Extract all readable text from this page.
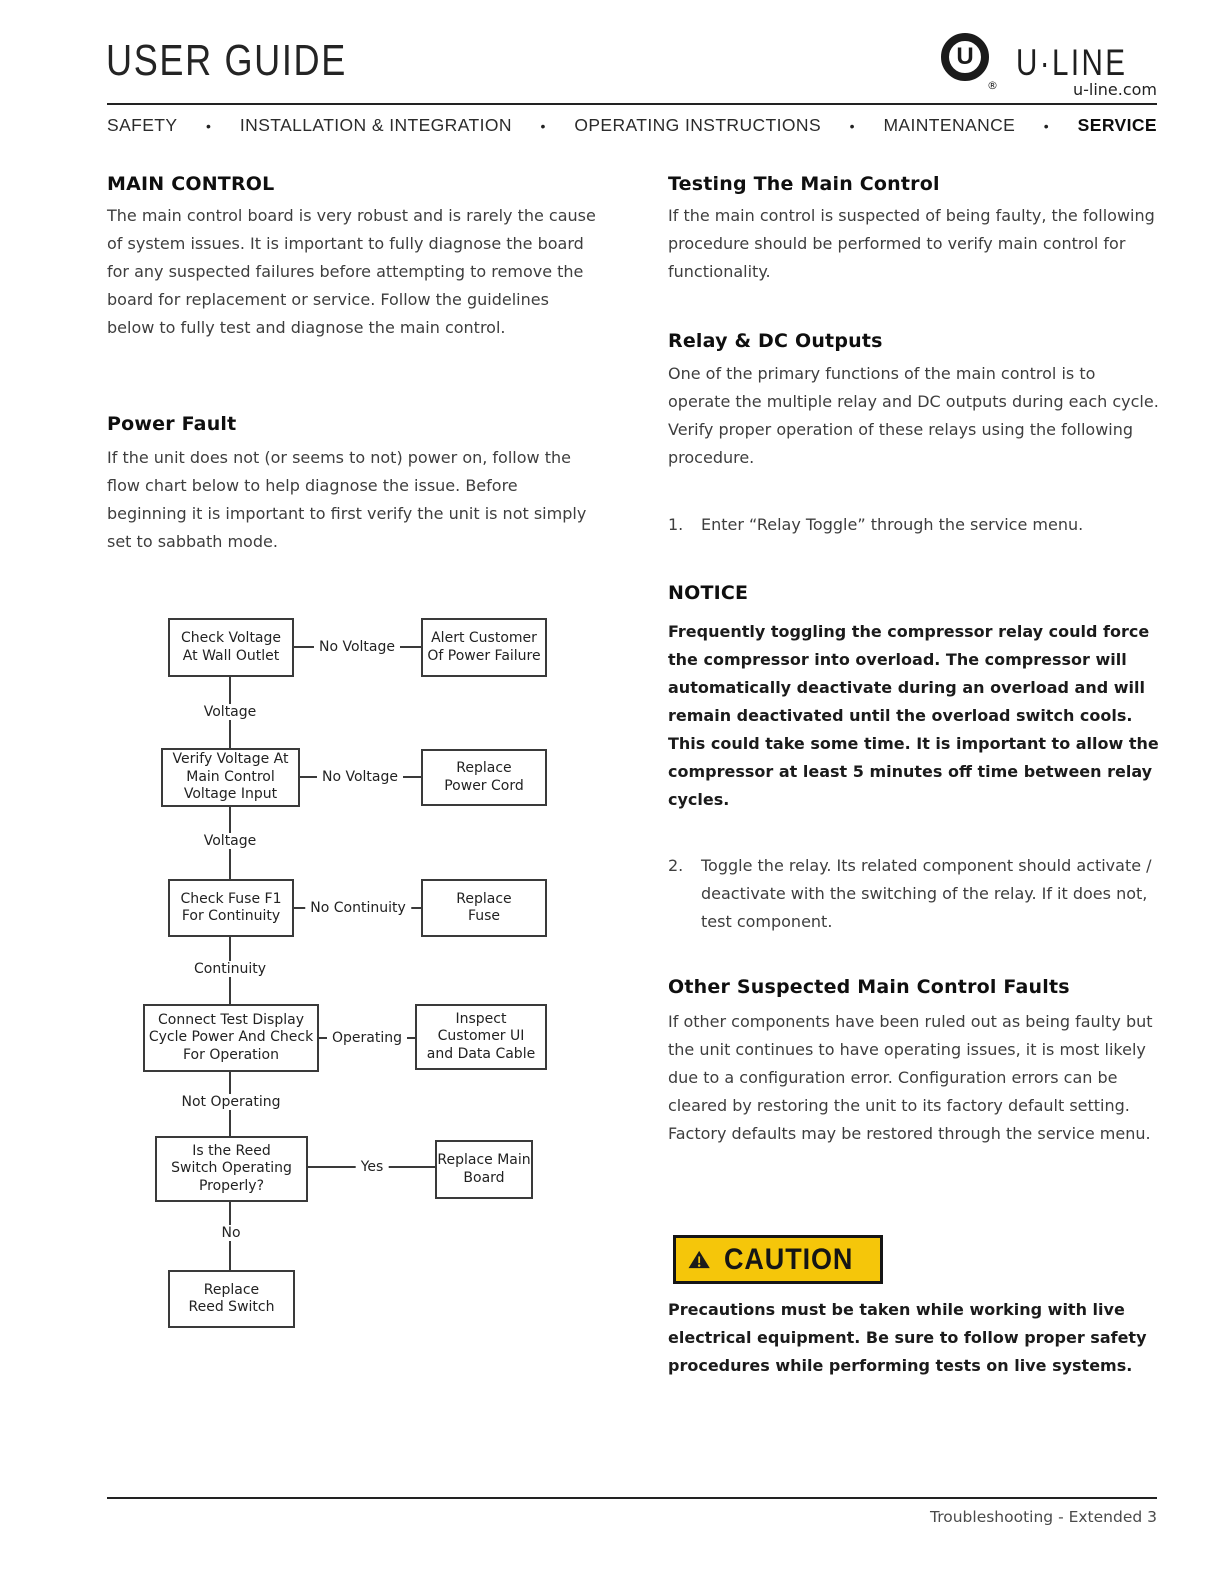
USER GUIDE	U
®
U·LINE
u-line.com
SAFETY • INSTALLATION & INTEGRATION • OPERATING INSTRUCTIONS • MAINTENANCE • SERVICE
MAIN CONTROL
The main control board is very robust and is rarely the cause of system issues. It is important to fully diagnose the board for any suspected failures before attempting to remove the board for replacement or service. Follow the guidelines below to fully test and diagnose the main control.
Power Fault
If the unit does not (or seems to not) power on, follow the flow chart below to help diagnose the issue. Before beginning it is important to first verify the unit is not simply set to sabbath mode.
No Voltage
Voltage
No Voltage
Voltage
No Continuity
Continuity
Operating
Not Operating
Yes
No
Check Voltage
At Wall Outlet
Alert Customer
Of Power Failure
Verify Voltage At
Main Control
Voltage Input
Replace
Power Cord
Check Fuse F1
For Continuity
Replace
Fuse
Connect Test Display
Cycle Power And Check
For Operation
Inspect
Customer UI
and Data Cable
Is the Reed
Switch Operating
Properly?
Replace Main
Board
Replace
Reed Switch
Testing The Main Control
If the main control is suspected of being faulty, the following procedure should be performed to verify main control for functionality.
Relay & DC Outputs
One of the primary functions of the main control is to operate the multiple relay and DC outputs during each cycle. Verify proper operation of these relays using the following procedure.
1.	Enter “Relay Toggle” through the service menu.
NOTICE
Frequently toggling the compressor relay could force the compressor into overload. The compressor will automatically deactivate during an overload and will remain deactivated until the overload switch cools. This could take some time. It is important to allow the compressor at least 5 minutes off time between relay cycles.
2.	Toggle the relay. Its related component should activate / deactivate with the switching of the relay. If it does not, test component.
Other Suspected Main Control Faults
If other components have been ruled out as being faulty but the unit continues to have operating issues, it is most likely due to a configuration error. Configuration errors can be cleared by restoring the unit to its factory default setting. Factory defaults may be restored through the service menu.
CAUTION
Precautions must be taken while working with live electrical equipment. Be sure to follow proper safety procedures while performing tests on live systems.
Troubleshooting - Extended 3
